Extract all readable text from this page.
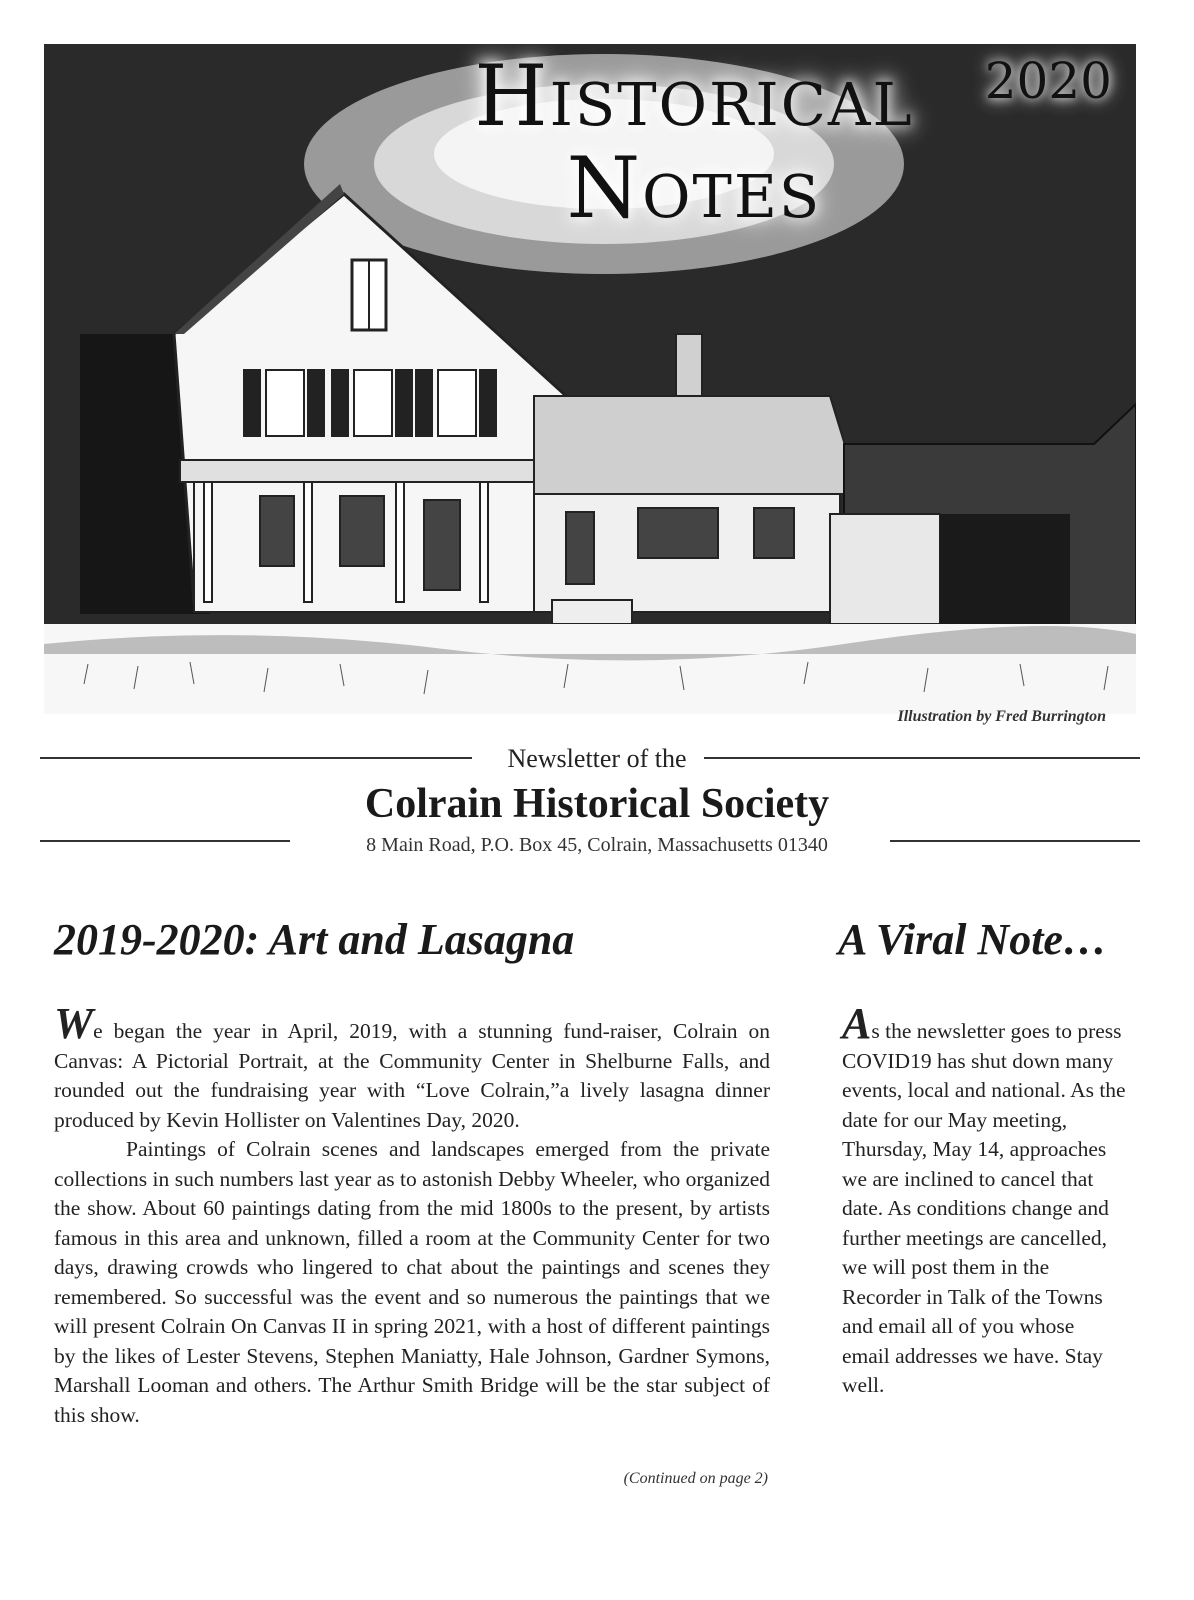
Historical
Notes
2020
Illustration by Fred Burrington
Newsletter of the
Colrain Historical Society
8 Main Road, P.O. Box 45, Colrain, Massachusetts 01340
2019-2020: Art and Lasagna	A Viral Note…

We began the year in April, 2019, with a stunning fund-raiser, Colrain on Canvas: A Pictorial Portrait, at the Community Center in Shelburne Falls, and rounded out the fundraising year with “Love Colrain,”a lively lasagna dinner produced by Kevin Hollister on Valentines Day, 2020.

Paintings of Colrain scenes and landscapes emerged from the private collections in such numbers last year as to astonish Debby Wheeler, who organized the show. About 60 paintings dating from the mid 1800s to the present, by artists famous in this area and unknown, filled a room at the Community Center for two days, drawing crowds who lingered to chat about the paintings and scenes they remembered. So successful was the event and so numerous the paintings that we will present Colrain On Canvas II in spring 2021, with a host of different paintings by the likes of Lester Stevens, Stephen Maniatty, Hale Johnson, Gardner Symons, Marshall Looman and others. The Arthur Smith Bridge will be the star subject of this show.

(Continued on page 2)

As the newsletter goes to press COVID19 has shut down many events, local and national. As the date for our May meeting, Thursday, May 14, approaches we are inclined to cancel that date. As conditions change and further meetings are cancelled, we will post them in the Recorder in Talk of the Towns and email all of you whose email addresses we have. Stay well.
